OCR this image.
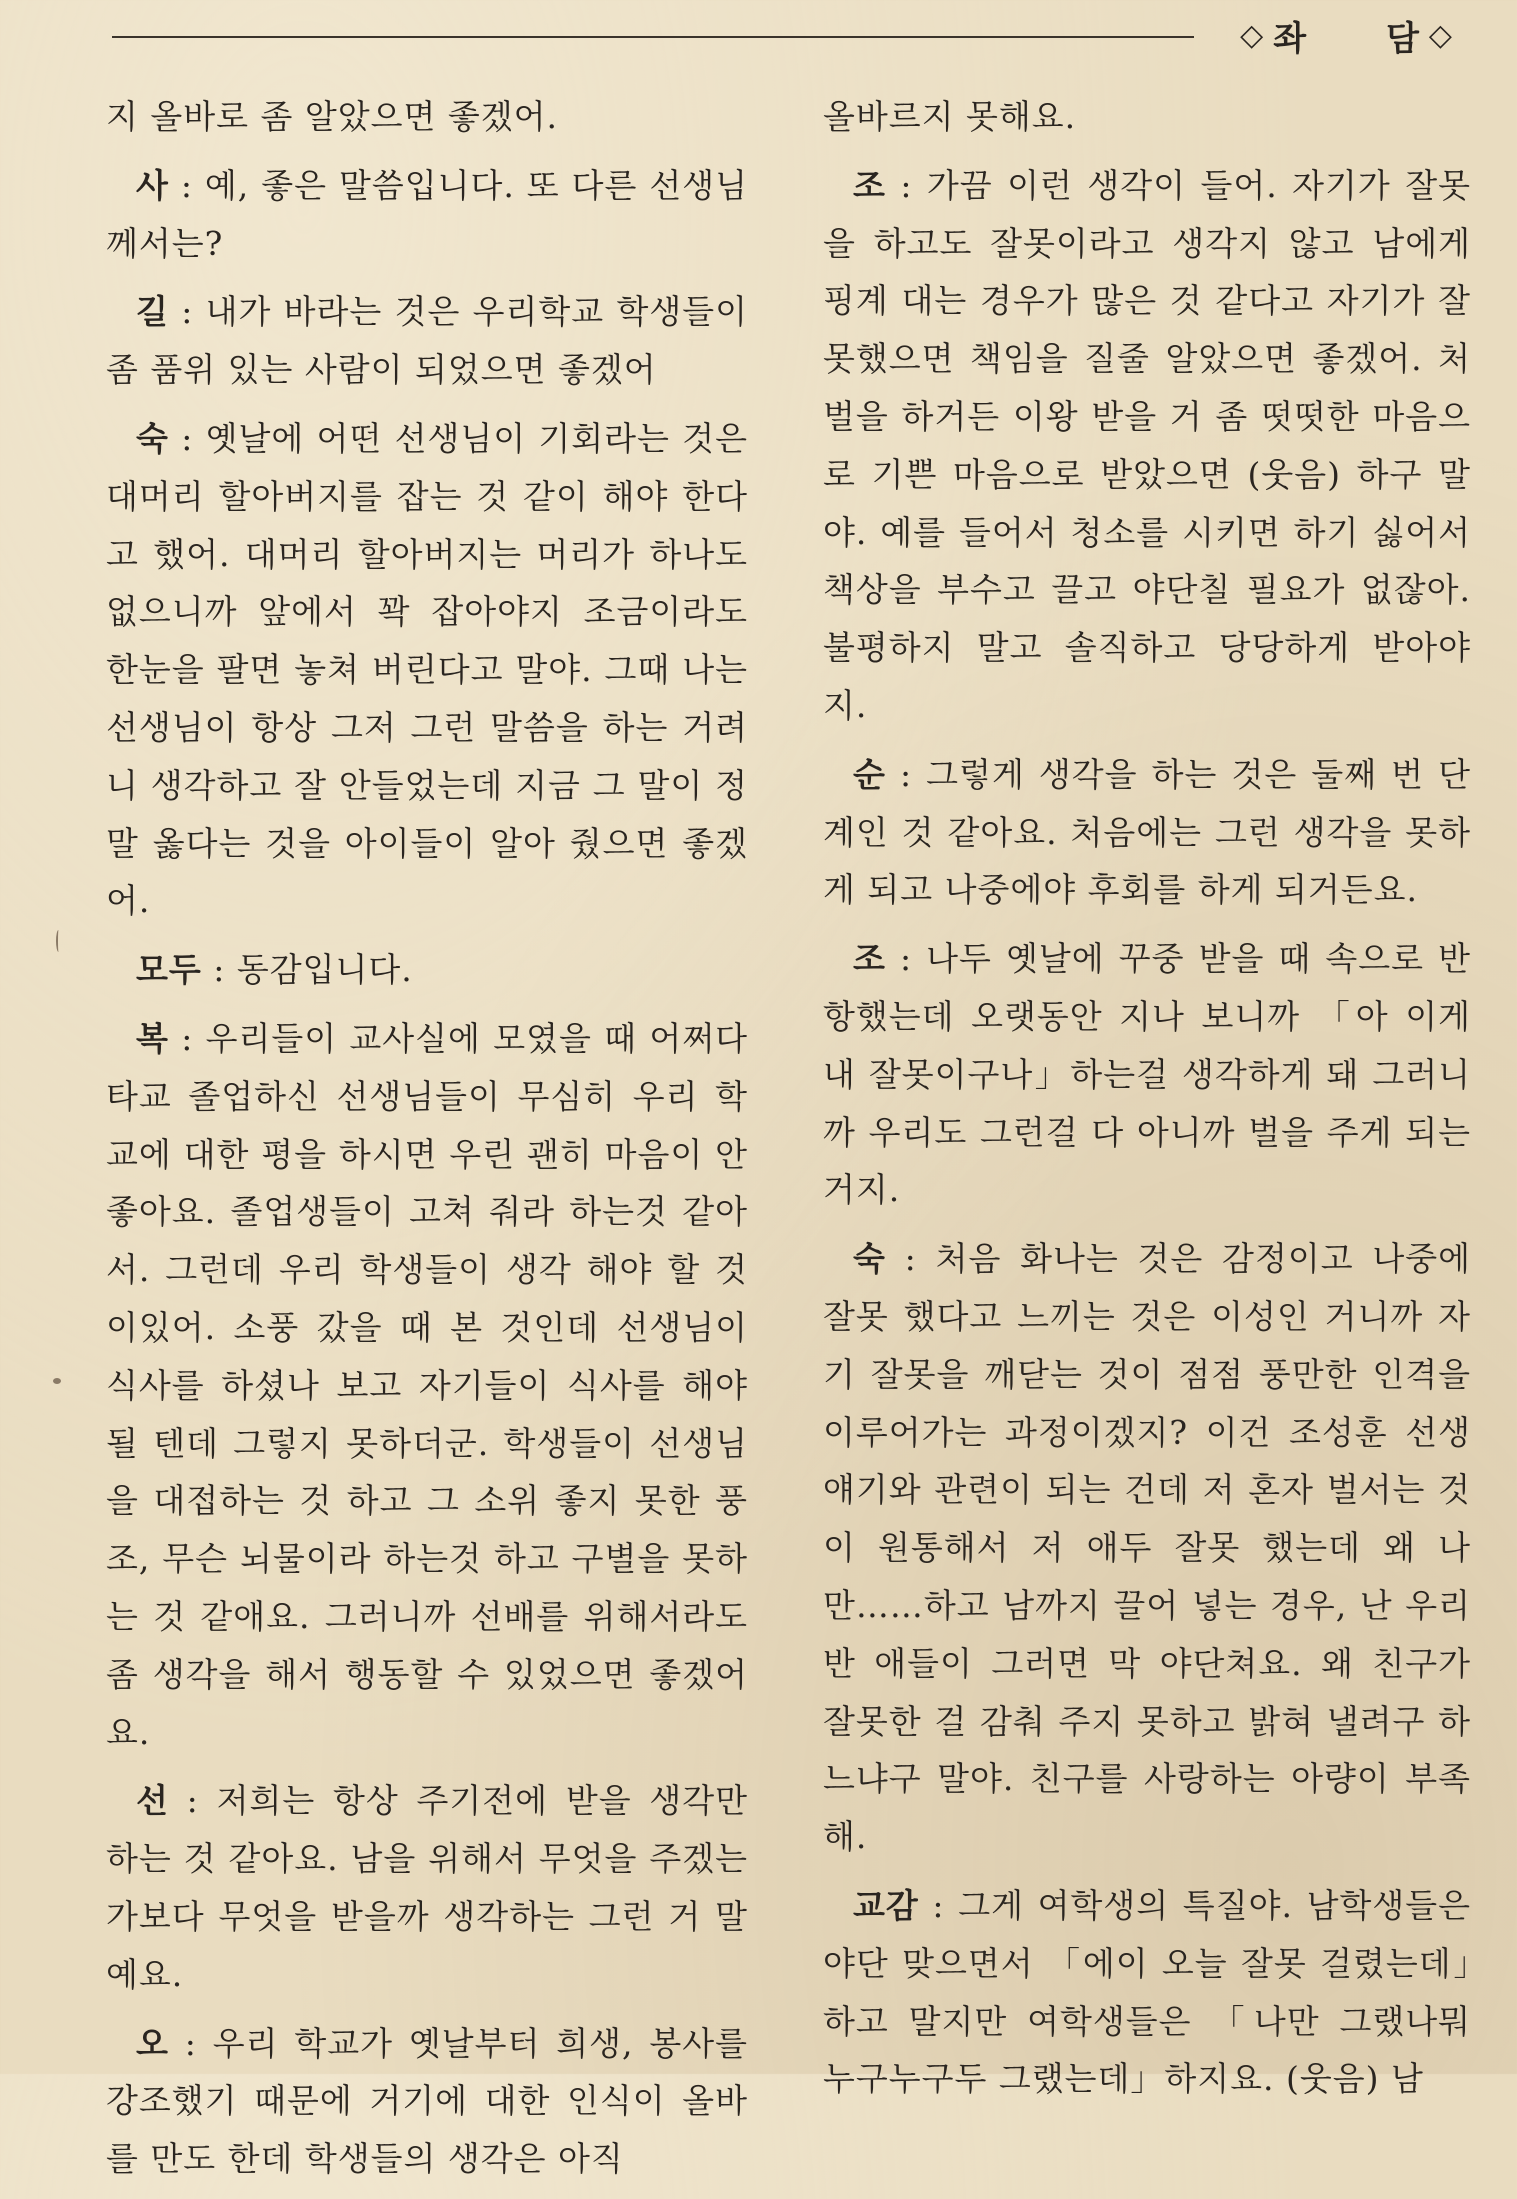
◇ 좌 담 ◇

지 올바로 좀 알았으면 좋겠어.

사 : 예, 좋은 말씀입니다. 또 다른 선생님께서는?

길 : 내가 바라는 것은 우리학교 학생들이 좀 품위 있는 사람이 되었으면 좋겠어

숙 : 옛날에 어떤 선생님이 기회라는 것은 대머리 할아버지를 잡는 것 같이 해야 한다고 했어. 대머리 할아버지는 머리가 하나도 없으니까 앞에서 꽉 잡아야지 조금이라도 한눈을 팔면 놓쳐 버린다고 말야. 그때 나는 선생님이 항상 그저 그런 말씀을 하는 거려니 생각하고 잘 안들었는데 지금 그 말이 정말 옳다는 것을 아이들이 알아 줬으면 좋겠어.

모두 : 동감입니다.

복 : 우리들이 교사실에 모였을 때 어쩌다 타교 졸업하신 선생님들이 무심히 우리 학교에 대한 평을 하시면 우린 괜히 마음이 안 좋아요. 졸업생들이 고쳐 줘라 하는것 같아서. 그런데 우리 학생들이 생각 해야 할 것이있어. 소풍 갔을 때 본 것인데 선생님이 식사를 하셨나 보고 자기들이 식사를 해야 될 텐데 그렇지 못하더군. 학생들이 선생님을 대접하는 것 하고 그 소위 좋지 못한 풍조, 무슨 뇌물이라 하는것 하고 구별을 못하는 것 같애요. 그러니까 선배를 위해서라도 좀 생각을 해서 행동할 수 있었으면 좋겠어요.

선 : 저희는 항상 주기전에 받을 생각만 하는 것 같아요. 남을 위해서 무엇을 주겠는 가보다 무엇을 받을까 생각하는 그런 거 말예요.

오 : 우리 학교가 옛날부터 희생, 봉사를 강조했기 때문에 거기에 대한 인식이 올바를 만도 한데 학생들의 생각은 아직

올바르지 못해요.

조 : 가끔 이런 생각이 들어. 자기가 잘못을 하고도 잘못이라고 생각지 않고 남에게 핑계 대는 경우가 많은 것 같다고 자기가 잘못했으면 책임을 질줄 알았으면 좋겠어. 처벌을 하거든 이왕 받을 거 좀 떳떳한 마음으로 기쁜 마음으로 받았으면 (웃음) 하구 말야. 예를 들어서 청소를 시키면 하기 싫어서 책상을 부수고 끌고 야단칠 필요가 없잖아. 불평하지 말고 솔직하고 당당하게 받아야지.

순 : 그렇게 생각을 하는 것은 둘째 번 단계인 것 같아요. 처음에는 그런 생각을 못하게 되고 나중에야 후회를 하게 되거든요.

조 : 나두 옛날에 꾸중 받을 때 속으로 반항했는데 오랫동안 지나 보니까 「아 이게 내 잘못이구나」하는걸 생각하게 돼 그러니까 우리도 그런걸 다 아니까 벌을 주게 되는 거지.

숙 : 처음 화나는 것은 감정이고 나중에 잘못 했다고 느끼는 것은 이성인 거니까 자기 잘못을 깨닫는 것이 점점 풍만한 인격을 이루어가는 과정이겠지? 이건 조성훈 선생얘기와 관련이 되는 건데 저 혼자 벌서는 것이 원통해서 저 애두 잘못 했는데 왜 나만……하고 남까지 끌어 넣는 경우, 난 우리 반 애들이 그러면 막 야단쳐요. 왜 친구가 잘못한 걸 감춰 주지 못하고 밝혀 낼려구 하느냐구 말야. 친구를 사랑하는 아량이 부족해.

교감 : 그게 여학생의 특질야. 남학생들은 야단 맞으면서 「에이 오늘 잘못 걸렸는데」하고 말지만 여학생들은 「나만 그랬나뭐 누구누구두 그랬는데」하지요. (웃음) 남
